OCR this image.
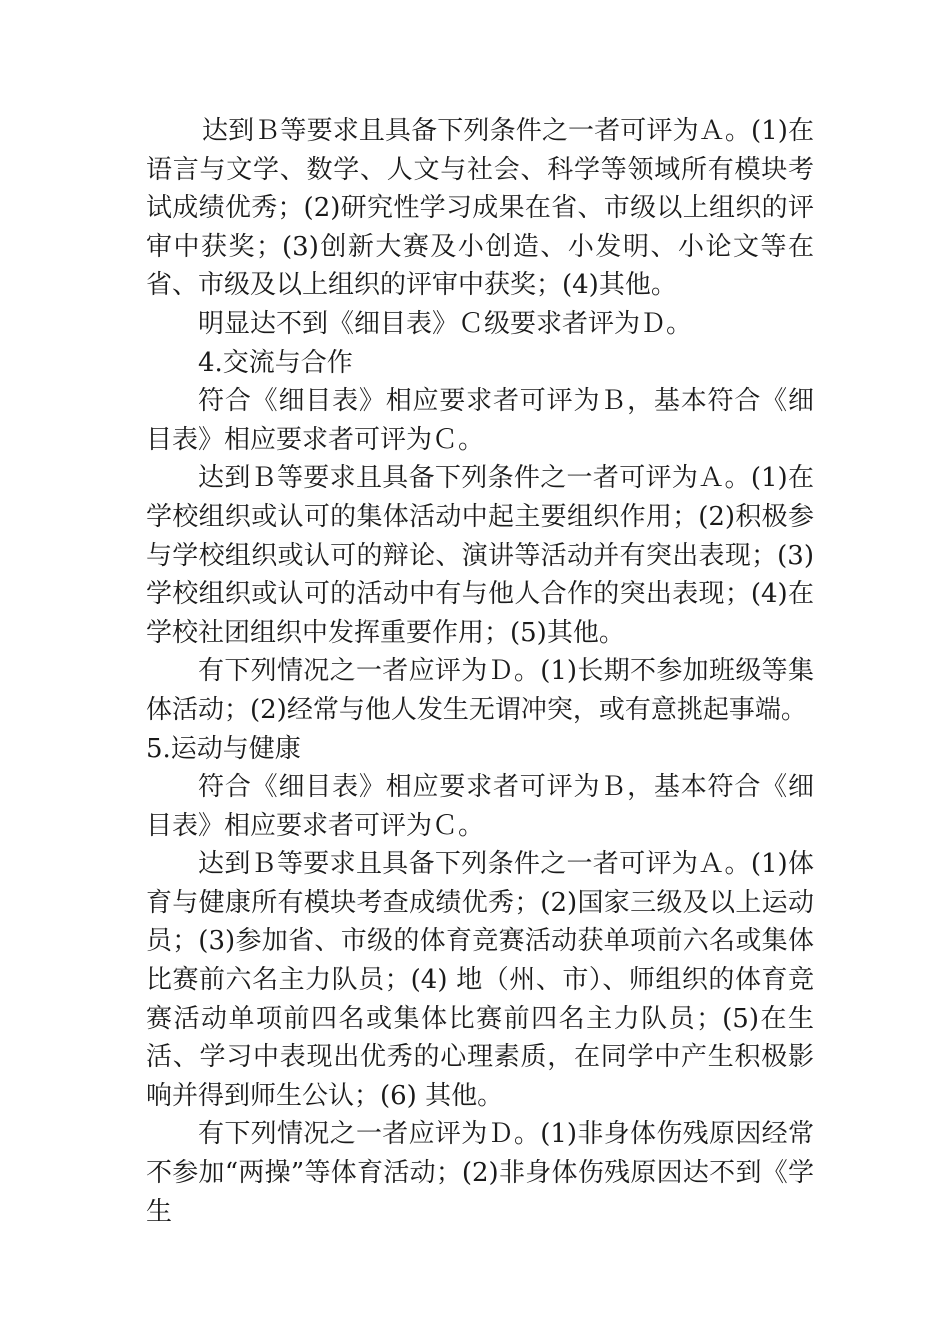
达到Ｂ等要求且具备下列条件之一者可评为Ａ。(1)在语言与文学、数学、人文与社会、科学等领域所有模块考试成绩优秀；(2)研究性学习成果在省、市级以上组织的评审中获奖；(3)创新大赛及小创造、小发明、小论文等在省、市级及以上组织的评审中获奖；(4)其他。

明显达不到《细目表》Ｃ级要求者评为Ｄ。

4.交流与合作

符合《细目表》相应要求者可评为Ｂ，基本符合《细目表》相应要求者可评为Ｃ。

达到Ｂ等要求且具备下列条件之一者可评为Ａ。(1)在学校组织或认可的集体活动中起主要组织作用；(2)积极参与学校组织或认可的辩论、演讲等活动并有突出表现；(3)学校组织或认可的活动中有与他人合作的突出表现；(4)在学校社团组织中发挥重要作用；(5)其他。

有下列情况之一者应评为Ｄ。(1)长期不参加班级等集体活动；(2)经常与他人发生无谓冲突，或有意挑起事端。

5.运动与健康

符合《细目表》相应要求者可评为Ｂ，基本符合《细目表》相应要求者可评为Ｃ。

达到Ｂ等要求且具备下列条件之一者可评为Ａ。(1)体育与健康所有模块考查成绩优秀；(2)国家三级及以上运动员；(3)参加省、市级的体育竞赛活动获单项前六名或集体比赛前六名主力队员；(4) 地（州、市）、师组织的体育竞赛活动单项前四名或集体比赛前四名主力队员；(5)在生活、学习中表现出优秀的心理素质，在同学中产生积极影响并得到师生公认；(6) 其他。

有下列情况之一者应评为Ｄ。(1)非身体伤残原因经常不参加“两操”等体育活动；(2)非身体伤残原因达不到《学生
